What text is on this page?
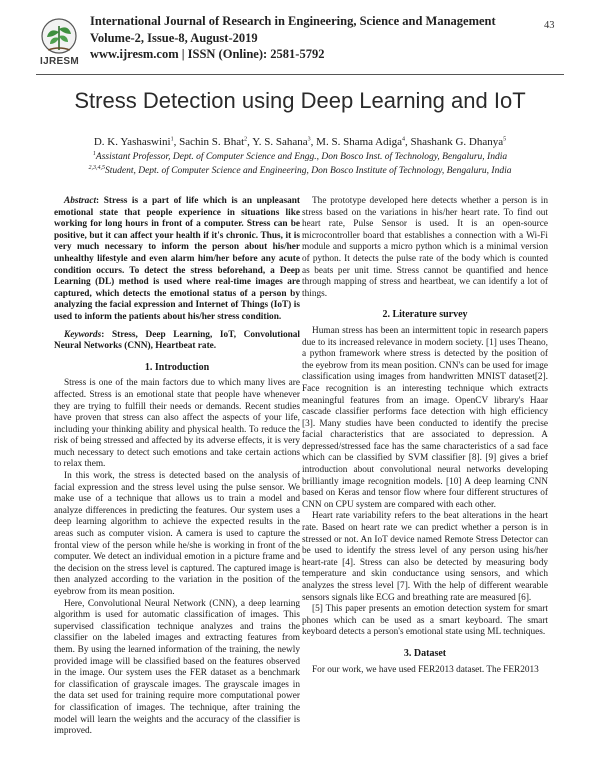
IJRESM
International Journal of Research in Engineering, Science and Management
Volume-2, Issue-8, August-2019
www.ijresm.com | ISSN (Online): 2581-5792
43
Stress Detection using Deep Learning and IoT
D. K. Yashaswini$^1$, Sachin S. Bhat$^2$, Y. S. Sahana$^3$, M. S. Shama Adiga$^4$, Shashank G. Dhanya$^5$
$^1$Assistant Professor, Dept. of Computer Science and Engg., Don Bosco Inst. of Technology, Bengaluru, India
$^{2,3,4,5}$Student, Dept. of Computer Science and Engineering, Don Bosco Institute of Technology, Bengaluru, India

Abstract: Stress is a part of life which is an unpleasant emotional state that people experience in situations like working for long hours in front of a computer. Stress can be positive, but it can affect your health if it's chronic. Thus, it is very much necessary to inform the person about his/her unhealthy lifestyle and even alarm him/her before any acute condition occurs. To detect the stress beforehand, a Deep Learning (DL) method is used where real-time images are captured, which detects the emotional status of a person by analyzing the facial expression and Internet of Things (IoT) is used to inform the patients about his/her stress condition.

Keywords: Stress, Deep Learning, IoT, Convolutional Neural Networks (CNN), Heartbeat rate.

1. Introduction

Stress is one of the main factors due to which many lives are affected. Stress is an emotional state that people have whenever they are trying to fulfill their needs or demands. Recent studies have proven that stress can also affect the aspects of your life, including your thinking ability and physical health. To reduce the risk of being stressed and affected by its adverse effects, it is very much necessary to detect such emotions and take certain actions to relax them.

In this work, the stress is detected based on the analysis of facial expression and the stress level using the pulse sensor. We make use of a technique that allows us to train a model and analyze differences in predicting the features. Our system uses a deep learning algorithm to achieve the expected results in the areas such as computer vision. A camera is used to capture the frontal view of the person while he/she is working in front of the computer. We detect an individual emotion in a picture frame and the decision on the stress level is captured. The captured image is then analyzed according to the variation in the position of the eyebrow from its mean position.

Here, Convolutional Neural Network (CNN), a deep learning algorithm is used for automatic classification of images. This supervised classification technique analyzes and trains the classifier on the labeled images and extracting features from them. By using the learned information of the training, the newly provided image will be classified based on the features observed in the image. Our system uses the FER dataset as a benchmark for classification of grayscale images. The grayscale images in the data set used for training require more computational power for classification of images. The technique, after training the model will learn the weights and the accuracy of the classifier is improved.

The prototype developed here detects whether a person is in stress based on the variations in his/her heart rate. To find out heart rate, Pulse Sensor is used. It is an open-source microcontroller board that establishes a connection with a Wi-Fi module and supports a micro python which is a minimal version of python. It detects the pulse rate of the body which is counted as beats per unit time. Stress cannot be quantified and hence through mapping of stress and heartbeat, we can identify a lot of things.

2. Literature survey

Human stress has been an intermittent topic in research papers due to its increased relevance in modern society. [1] uses Theano, a python framework where stress is detected by the position of the eyebrow from its mean position. CNN's can be used for image classification using images from handwritten MNIST dataset[2]. Face recognition is an interesting technique which extracts meaningful features from an image. OpenCV library's Haar cascade classifier performs face detection with high efficiency [3]. Many studies have been conducted to identify the precise facial characteristics that are associated to depression. A depressed/stressed face has the same characteristics of a sad face which can be classified by SVM classifier [8]. [9] gives a brief introduction about convolutional neural networks developing brilliantly image recognition models. [10] A deep learning CNN based on Keras and tensor flow where four different structures of CNN on CPU system are compared with each other.

Heart rate variability refers to the beat alterations in the heart rate. Based on heart rate we can predict whether a person is in stressed or not. An IoT device named Remote Stress Detector can be used to identify the stress level of any person using his/her heart-rate [4]. Stress can also be detected by measuring body temperature and skin conductance using sensors, and which analyzes the stress level [7]. With the help of different wearable sensors signals like ECG and breathing rate are measured [6].

[5] This paper presents an emotion detection system for smart phones which can be used as a smart keyboard. The smart keyboard detects a person's emotional state using ML techniques.

3. Dataset

For our work, we have used FER2013 dataset. The FER2013
